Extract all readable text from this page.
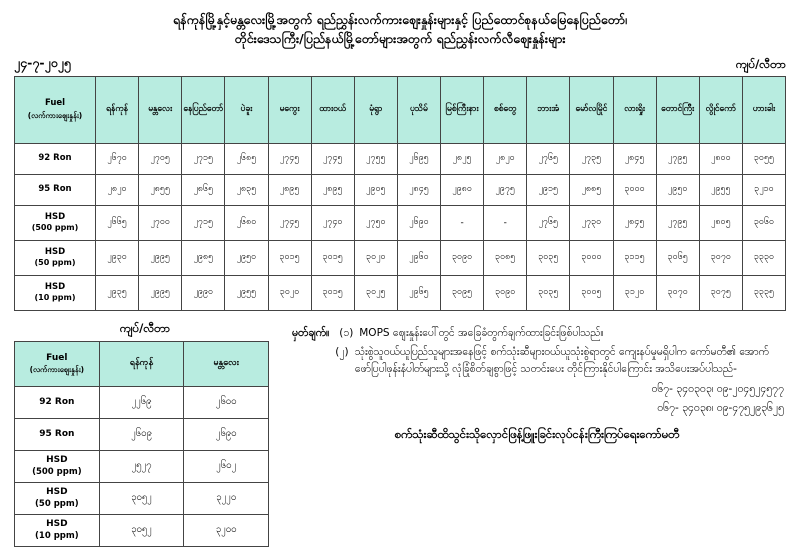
ရန်ကုန်မြို့နှင့်မန္တလေးမြို့အတွက် ရည်ညွှန်းလက်ကားဈေးနှုန်းများနှင့် ပြည်ထောင်စုနယ်မြေနေပြည်တော်၊
တိုင်းဒေသကြီး/ပြည်နယ်မြို့တော်များအတွက် ရည်ညွှန်းလက်လီဈေးနှုန်းများ
၂၄-၇-၂၀၂၅	ကျပ်/လီတာ
Fuel
(လက်ကားဈေးနှုန်း)	ရန်ကုန်	မန္တလေး	နေပြည်တော်	ပဲခူး	မကွေး	ထားဝယ်	မုံရွာ	ပုသိမ်	မြစ်ကြီးနား	စစ်တွေ	ဘားအံ	မော်လမြိုင်	လားရှိုး	တောင်ကြီး	လွိုင်ကော်	ဟားခါး
92 Ron	၂၆၇၀	၂၇၀၅	၂၇၁၅	၂၆၈၅	၂၇၄၅	၂၇၄၅	၂၇၅၅	၂၆၉၅	၂၈၂၅	၂၈၂၀	၂၇၆၅	၂၇၃၅	၂၈၄၅	၂၇၉၅	၂၈၀၀	၃၀၅၅
95 Ron	၂၈၂၀	၂၈၅၅	၂၈၆၅	၂၈၃၅	၂၈၉၅	၂၈၉၅	၂၉၀၅	၂၈၄၅	၂၉၈၀	၂၉၇၅	၂၉၁၅	၂၈၈၅	၃၀၀၀	၂၉၅၀	၂၉၅၅	၃၂၁၀
HSD
(500 ppm)	၂၆၆၅	၂၇၀၀	၂၇၁၅	၂၆၈၀	၂၇၄၅	၂၇၄၀	၂၇၅၀	၂၆၉၀	-	-	၂၇၆၅	၂၇၃၀	၂၈၄၅	၂၇၉၅	၂၈၀၅	၃၀၆၀
HSD
(50 ppm)	၂၉၃၀	၂၉၉၅	၂၉၈၅	၂၉၅၀	၃၀၁၅	၃၀၁၅	၃၀၂၀	၂၉၆၀	၃၀၉၀	၃၀၈၅	၃၀၃၅	၃၀၀၀	၃၁၁၅	၃၀၆၅	၃၀၇၀	၃၃၃၀
HSD
(10 ppm)	၂၉၃၅	၂၉၉၅	၂၉၉၀	၂၉၅၅	၃၀၂၀	၃၀၁၅	၃၀၂၅	၂၉၆၅	၃၀၉၅	၃၀၉၀	၃၀၃၅	၃၀၀၅	၃၁၂၀	၃၀၇၀	၃၀၇၅	၃၃၃၅
ကျပ်/လီတာ
Fuel
(လက်ကားဈေးနှုန်း)	ရန်ကုန်	မန္တလေး
92 Ron	၂၂၆၉	၂၆၀၀
95 Ron	၂၆၀၉	၂၆၉၀
HSD
(500 ppm)	၂၅၂၇	၂၆၀၂
HSD
(50 ppm)	၃၀၅၂	၃၂၂၀
HSD
(10 ppm)	၃၀၅၂	၃၂၀၀
မှတ်ချက်။ (၁) MOPS ဈေးနှုန်းပေါ်တွင် အခြေခံတွက်ချက်ထားခြင်းဖြစ်ပါသည်။

(၂) သုံးစွဲသူဝယ်ယူပြည်သူများအနေဖြင့် စက်သုံးဆီများဝယ်ယူသုံးစွဲရာတွင် ကျေးနပ်မှုမရှိပါက ကော်မတီ၏ အောက်ဖော်ပြပါဖုန်းနံပါတ်များသို့ လုံခြုံစိတ်ချစွာဖြင့် သတင်းပေး တိုင်ကြားနိုင်ပါကြောင်း အသိပေးအပ်ပါသည်-
၀၆၇- ၃၄၀၃၀၃၊ ၀၉-၂၀၄၅၂၄၅၇၇
၀၆၇- ၃၄၀၃၈၊ ၀၉-၄၇၅၂၉၃၆၂၅
စက်သုံးဆီထိသွင်းသိုလှောင်ဖြန့်ဖြူးခြင်းလုပ်ငန်းကြီးကြပ်ရေးကော်မတီ
